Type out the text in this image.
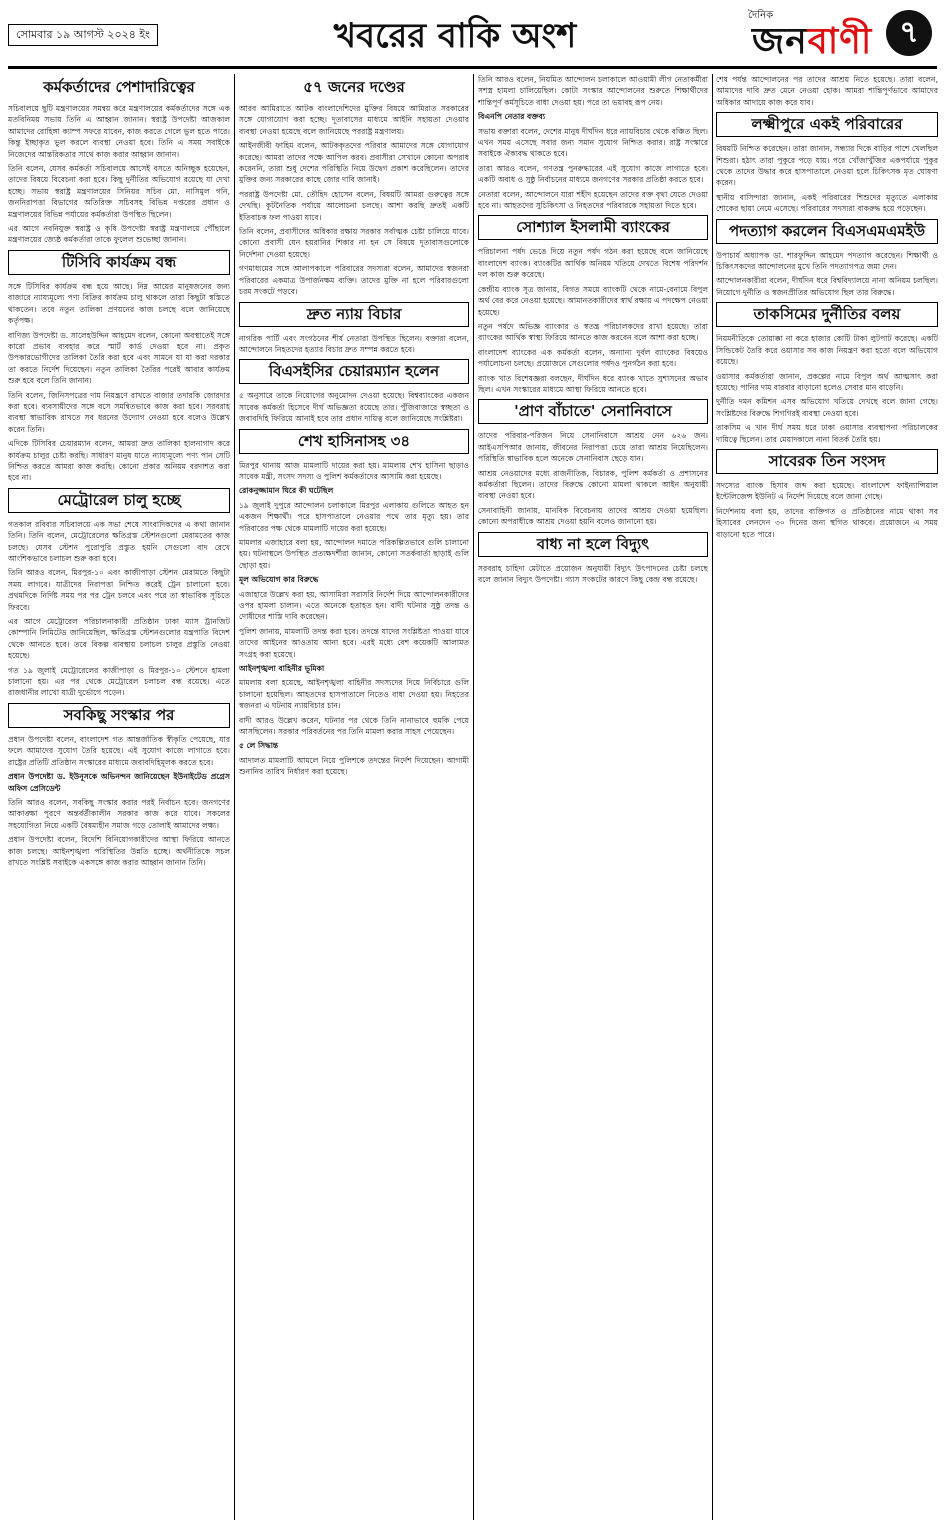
সোমবার ১৯ আগস্ট ২০২৪ ইং	খবরের বাকি অংশ
দৈনিক
জনবাণী ৭
কর্মকর্তাদের পেশাদারিত্বের

সচিবালয়ে ছুটি মন্ত্রণালয়ের সমন্বয় করে মন্ত্রণালয়ের কর্মকর্তাদের সঙ্গে এক মতবিনিময় সভায় তিনি এ আহ্বান জানান। স্বরাষ্ট্র উপদেষ্টা আজকাল আমাদের রোহিঙ্গা ক্যাম্প সফরে যাবেন, কাজ করতে গেলে ভুল হতে পারে। কিন্তু ইচ্ছাকৃত ভুল করলে ব্যবস্থা নেওয়া হবে। তিনি এ সময় সবাইকে নিজেদের আন্তরিকতার সাথে কাজ করার আহ্বান জানান।

তিনি বলেন, যেসব কর্মকর্তা সচিবালয়ে আসেই বসতে অনিচ্ছুক হয়েছেন, তাদের বিষয়ে বিবেচনা করা হবে। কিছু দুর্নীতির অভিযোগ রয়েছে যা দেখা হচ্ছে। সভায় স্বরাষ্ট্র মন্ত্রণালয়ের সিনিয়র সচিব মো. নাসিমুল গনি, জননিরাপত্তা বিভাগের অতিরিক্ত সচিবসহ বিভিন্ন দপ্তরের প্রধান ও মন্ত্রণালয়ের বিভিন্ন পর্যায়ের কর্মকর্তারা উপস্থিত ছিলেন।

এর আগে নবনিযুক্ত স্বরাষ্ট্র ও কৃষি উপদেষ্টা স্বরাষ্ট্র মন্ত্রণালয়ে পৌঁছালে মন্ত্রণালয়ের জ্যেষ্ঠ কর্মকর্তারা তাকে ফুলেল শুভেচ্ছা জানান।

টিসিবি কার্যক্রম বন্ধ

সঙ্গে টিসিবির কার্যক্রম বন্ধ হয়ে আছে। নিম্ন আয়ের মানুষজনের জন্য বাজারে ন্যায্যমূল্যে পণ্য বিক্রির কার্যক্রম চালু থাকলে তারা কিছুটা স্বস্তিতে থাকতেন। তবে নতুন তালিকা প্রণয়নের কাজ চলছে বলে জানিয়েছে কর্তৃপক্ষ।

বাণিজ্য উপদেষ্টা ড. সালেহউদ্দিন আহমেদ বলেন, কোনো অবস্থাতেই সঙ্গে কারো প্রভাব ব্যবহার করে স্মার্ট কার্ড দেওয়া হবে না। প্রকৃত উপকারভোগীদের তালিকা তৈরি করা হবে এবং সামনে যা যা করা দরকার তা করতে নির্দেশ দিয়েছেন। নতুন তালিকা তৈরির পরেই আবার কার্যক্রম শুরু হবে বলে তিনি জানান।

তিনি বলেন, জিনিসপত্রের দাম নিয়ন্ত্রণে রাখতে বাজার তদারকি জোরদার করা হবে। ব্যবসায়ীদের সঙ্গে বসে সমন্বিতভাবে কাজ করা হবে। সরবরাহ ব্যবস্থা স্বাভাবিক রাখতে সব ধরনের উদ্যোগ নেওয়া হবে বলেও উল্লেখ করেন তিনি।

এদিকে টিসিবির চেয়ারম্যান বলেন, আমরা দ্রুত তালিকা হালনাগাদ করে কার্যক্রম চালুর চেষ্টা করছি। সাধারণ মানুষ যাতে ন্যায্যমূল্যে পণ্য পান সেটি নিশ্চিত করতে আমরা কাজ করছি। কোনো প্রকার অনিয়ম বরদাশত করা হবে না।

মেট্রোরেল চালু হচ্ছে

গতকাল রবিবার সচিবালয়ে এক সভা শেষে সাংবাদিকদের এ কথা জানান তিনি। তিনি বলেন, মেট্রোরেলের ক্ষতিগ্রস্ত স্টেশনগুলো মেরামতের কাজ চলছে। যেসব স্টেশন পুরোপুরি প্রস্তুত হয়নি সেগুলো বাদ রেখে আংশিকভাবে চলাচল শুরু করা হবে।

তিনি আরও বলেন, মিরপুর-১০ এবং কাজীপাড়া স্টেশন মেরামতে কিছুটা সময় লাগবে। যাত্রীদের নিরাপত্তা নিশ্চিত করেই ট্রেন চালানো হবে। প্রথমদিকে নির্দিষ্ট সময় পর পর ট্রেন চলবে এবং পরে তা স্বাভাবিক সূচিতে ফিরবে।

এর আগে মেট্রোরেল পরিচালনাকারী প্রতিষ্ঠান ঢাকা ম্যাস ট্রানজিট কোম্পানি লিমিটেড জানিয়েছিল, ক্ষতিগ্রস্ত স্টেশনগুলোর যন্ত্রপাতি বিদেশ থেকে আনতে হবে। তবে বিকল্প ব্যবস্থায় চলাচল চালুর প্রস্তুতি নেওয়া হয়েছে।

গত ১৯ জুলাই মেট্রোরেলের কাজীপাড়া ও মিরপুর-১০ স্টেশনে হামলা চালানো হয়। এর পর থেকে মেট্রোরেল চলাচল বন্ধ রয়েছে। এতে রাজধানীর লাখো যাত্রী দুর্ভোগে পড়েন।

সবকিছু সংস্কার পর

প্রধান উপদেষ্টা বলেন, বাংলাদেশ গত আন্তর্জাতিক স্বীকৃতি পেয়েছে, যার ফলে আমাদের সুযোগ তৈরি হয়েছে। এই সুযোগ কাজে লাগাতে হবে। রাষ্ট্রের প্রতিটি প্রতিষ্ঠান সংস্কারের মাধ্যমে জবাবদিহিমূলক করতে হবে।

প্রধান উপদেষ্টা ড. ইউনূসকে অভিনন্দন জানিয়েছেন ইউনাইটেড প্রগ্রেস অফিস প্রেসিডেন্ট

তিনি আরও বলেন, সবকিছু সংস্কার করার পরই নির্বাচন হবে। জনগণের আকাঙ্ক্ষা পূরণে অন্তর্বর্তীকালীন সরকার কাজ করে যাবে। সকলের সহযোগিতা নিয়ে একটি বৈষম্যহীন সমাজ গড়ে তোলাই আমাদের লক্ষ্য।

প্রধান উপদেষ্টা বলেন, বিদেশি বিনিয়োগকারীদের আস্থা ফিরিয়ে আনতে কাজ চলছে। আইনশৃঙ্খলা পরিস্থিতির উন্নতি হচ্ছে। অর্থনীতিকে সচল রাখতে সংশ্লিষ্ট সবাইকে একসঙ্গে কাজ করার আহ্বান জানান তিনি।

৫৭ জনের দণ্ডের

আরব আমিরাতে আটক বাংলাদেশিদের মুক্তির বিষয়ে আমিরাত সরকারের সঙ্গে যোগাযোগ করা হচ্ছে। দূতাবাসের মাধ্যমে আইনি সহায়তা দেওয়ার ব্যবস্থা নেওয়া হয়েছে বলে জানিয়েছে পররাষ্ট্র মন্ত্রণালয়।

আইনজীবী ফাহিম বলেন, আটককৃতদের পরিবার আমাদের সঙ্গে যোগাযোগ করেছে। আমরা তাদের পক্ষে আপিল করব। প্রবাসীরা সেখানে কোনো অপরাধ করেননি, তারা শুধু দেশের পরিস্থিতি নিয়ে উদ্বেগ প্রকাশ করেছিলেন। তাদের মুক্তির জন্য সরকারের কাছে জোর দাবি জানাই।

পররাষ্ট্র উপদেষ্টা মো. তৌহিদ হোসেন বলেন, বিষয়টি আমরা গুরুত্বের সঙ্গে দেখছি। কূটনৈতিক পর্যায়ে আলোচনা চলছে। আশা করছি দ্রুতই একটি ইতিবাচক ফল পাওয়া যাবে।

তিনি বলেন, প্রবাসীদের অধিকার রক্ষায় সরকার সর্বাত্মক চেষ্টা চালিয়ে যাবে। কোনো প্রবাসী যেন হয়রানির শিকার না হন সে বিষয়ে দূতাবাসগুলোকে নির্দেশনা দেওয়া হয়েছে।

গণমাধ্যমের সঙ্গে আলাপকালে পরিবারের সদস্যরা বলেন, আমাদের স্বজনরা পরিবারের একমাত্র উপার্জনক্ষম ব্যক্তি। তাদের মুক্তি না হলে পরিবারগুলো চরম সংকটে পড়বে।

দ্রুত ন্যায় বিচার

নাগরিক পার্টি এবং সংগঠনের শীর্ষ নেতারা উপস্থিত ছিলেন। বক্তারা বলেন, আন্দোলনে নিহতদের হত্যার বিচার দ্রুত সম্পন্ন করতে হবে।

বিএসইসির চেয়ারম্যান হলেন

৫ অনুসারে তাকে নিয়োগের অনুমোদন দেওয়া হয়েছে। বিশ্বব্যাংকের একজন সাবেক কর্মকর্তা হিসেবে দীর্ঘ অভিজ্ঞতা রয়েছে তার। পুঁজিবাজারে স্বচ্ছতা ও জবাবদিহি ফিরিয়ে আনাই হবে তার প্রধান দায়িত্ব বলে জানিয়েছে সংশ্লিষ্টরা।

শেখ হাসিনাসহ ৩৪

মিরপুর থানায় আজ মামলাটি দায়ের করা হয়। মামলায় শেখ হাসিনা ছাড়াও সাবেক মন্ত্রী, সংসদ সদস্য ও পুলিশ কর্মকর্তাদের আসামি করা হয়েছে।

রোকনুজ্জামান ঘিরে কী ঘটেছিল

১৯ জুলাই দুপুরে আন্দোলন চলাকালে মিরপুর এলাকায় গুলিতে আহত হন একজন শিক্ষার্থী। পরে হাসপাতালে নেওয়ার পথে তার মৃত্যু হয়। তার পরিবারের পক্ষ থেকে মামলাটি দায়ের করা হয়েছে।

মামলার এজাহারে বলা হয়, আন্দোলন দমাতে পরিকল্পিতভাবে গুলি চালানো হয়। ঘটনাস্থলে উপস্থিত প্রত্যক্ষদর্শীরা জানান, কোনো সতর্কবার্তা ছাড়াই গুলি ছোড়া হয়।

মূল অভিযোগ কার বিরুদ্ধে

এজাহারে উল্লেখ করা হয়, আসামিরা সরাসরি নির্দেশ দিয়ে আন্দোলনকারীদের ওপর হামলা চালান। এতে অনেকে হতাহত হন। বাদী ঘটনার সুষ্ঠু তদন্ত ও দোষীদের শাস্তি দাবি করেছেন।

পুলিশ জানায়, মামলাটি তদন্ত করা হবে। তদন্তে যাদের সংশ্লিষ্টতা পাওয়া যাবে তাদের আইনের আওতায় আনা হবে। এরই মধ্যে বেশ কয়েকটি আলামত সংগ্রহ করা হয়েছে।

আইনশৃঙ্খলা বাহিনীর ভূমিকা

মামলায় বলা হয়েছে, আইনশৃঙ্খলা বাহিনীর সদস্যদের দিয়ে নির্বিচারে গুলি চালানো হয়েছিল। আহতদের হাসপাতালে নিতেও বাধা দেওয়া হয়। নিহতের স্বজনরা এ ঘটনায় ন্যায়বিচার চান।

বাদী আরও উল্লেখ করেন, ঘটনার পর থেকে তিনি নানাভাবে হুমকি পেয়ে আসছিলেন। সরকার পরিবর্তনের পর তিনি মামলা করার সাহস পেয়েছেন।

৫ লে সিদ্ধান্ত

আদালত মামলাটি আমলে নিয়ে পুলিশকে তদন্তের নির্দেশ দিয়েছেন। আগামী শুনানির তারিখ নির্ধারণ করা হয়েছে।

তিনি আরও বলেন, নিয়মিত আন্দোলন চলাকালে আওয়ামী লীগ নেতাকর্মীরা সশস্ত্র হামলা চালিয়েছিল। কোটা সংস্কার আন্দোলনের শুরুতে শিক্ষার্থীদের শান্তিপূর্ণ কর্মসূচিতে বাধা দেওয়া হয়। পরে তা ভয়াবহ রূপ নেয়।

বিএনপি নেতার বক্তব্য

সভায় বক্তারা বলেন, দেশের মানুষ দীর্ঘদিন ধরে ন্যায়বিচার থেকে বঞ্চিত ছিল। এখন সময় এসেছে সবার জন্য সমান সুযোগ নিশ্চিত করার। রাষ্ট্র সংস্কারে সবাইকে ঐক্যবদ্ধ থাকতে হবে।

তারা আরও বলেন, গণতন্ত্র পুনরুদ্ধারের এই সুযোগ কাজে লাগাতে হবে। একটি অবাধ ও সুষ্ঠু নির্বাচনের মাধ্যমে জনগণের সরকার প্রতিষ্ঠা করতে হবে।

নেতারা বলেন, আন্দোলনে যারা শহীদ হয়েছেন তাদের রক্ত বৃথা যেতে দেওয়া হবে না। আহতদের সুচিকিৎসা ও নিহতদের পরিবারকে সহায়তা দিতে হবে।

সোশ্যাল ইসলামী ব্যাংকের

পরিচালনা পর্ষদ ভেঙে দিয়ে নতুন পর্ষদ গঠন করা হয়েছে বলে জানিয়েছে বাংলাদেশ ব্যাংক। ব্যাংকটির আর্থিক অনিয়ম খতিয়ে দেখতে বিশেষ পরিদর্শন দল কাজ শুরু করেছে।

কেন্দ্রীয় ব্যাংক সূত্র জানায়, বিগত সময়ে ব্যাংকটি থেকে নামে-বেনামে বিপুল অর্থ বের করে নেওয়া হয়েছে। আমানতকারীদের স্বার্থ রক্ষায় এ পদক্ষেপ নেওয়া হয়েছে।

নতুন পর্ষদে অভিজ্ঞ ব্যাংকার ও স্বতন্ত্র পরিচালকদের রাখা হয়েছে। তারা ব্যাংকের আর্থিক স্বাস্থ্য ফিরিয়ে আনতে কাজ করবেন বলে আশা করা হচ্ছে।

বাংলাদেশ ব্যাংকের এক কর্মকর্তা বলেন, অন্যান্য দুর্বল ব্যাংকের বিষয়েও পর্যালোচনা চলছে। প্রয়োজনে সেগুলোর পর্ষদও পুনর্গঠন করা হবে।

ব্যাংক খাত বিশেষজ্ঞরা বলছেন, দীর্ঘদিন ধরে ব্যাংক খাতে সুশাসনের অভাব ছিল। এখন সংস্কারের মাধ্যমে আস্থা ফিরিয়ে আনতে হবে।

'প্রাণ বাঁচাতে' সেনানিবাসে

তাদের পরিবার-পরিজন নিয়ে সেনানিবাসে আশ্রয় নেন ৬২৬ জন। আইএসপিআর জানায়, জীবনের নিরাপত্তা চেয়ে তারা আশ্রয় নিয়েছিলেন। পরিস্থিতি স্বাভাবিক হলে অনেকে সেনানিবাস ছেড়ে যান।

আশ্রয় নেওয়াদের মধ্যে রাজনীতিক, বিচারক, পুলিশ কর্মকর্তা ও প্রশাসনের কর্মকর্তারা ছিলেন। তাদের বিরুদ্ধে কোনো মামলা থাকলে আইন অনুযায়ী ব্যবস্থা নেওয়া হবে।

সেনাবাহিনী জানায়, মানবিক বিবেচনায় তাদের আশ্রয় দেওয়া হয়েছিল। কোনো অপরাধীকে আশ্রয় দেওয়া হয়নি বলেও জানানো হয়।

বাধ্য না হলে বিদ্যুৎ

সরবরাহ চাহিদা মেটাতে প্রয়োজন অনুযায়ী বিদ্যুৎ উৎপাদনের চেষ্টা চলছে বলে জানান বিদ্যুৎ উপদেষ্টা। গ্যাস সংকটের কারণে কিছু কেন্দ্র বন্ধ রয়েছে।

শেষ পর্যন্ত আন্দোলনের পর তাদের আশ্রয় নিতে হয়েছে। তারা বলেন, আমাদের দাবি দ্রুত মেনে নেওয়া হোক। আমরা শান্তিপূর্ণভাবে আমাদের অধিকার আদায়ে কাজ করে যাব।

লক্ষ্মীপুরে একই পরিবারের

বিষয়টি নিশ্চিত করেছেন। তারা জানান, সন্ধ্যার দিকে বাড়ির পাশে খেলছিল শিশুরা। হঠাৎ তারা পুকুরে পড়ে যায়। পরে খোঁজাখুঁজির একপর্যায়ে পুকুর থেকে তাদের উদ্ধার করে হাসপাতালে নেওয়া হলে চিকিৎসক মৃত ঘোষণা করেন।

স্থানীয় বাসিন্দারা জানান, একই পরিবারের শিশুদের মৃত্যুতে এলাকায় শোকের ছায়া নেমে এসেছে। পরিবারের সদস্যরা বাকরুদ্ধ হয়ে পড়েছেন।

পদত্যাগ করলেন বিএসএমএমইউ

উপাচার্য অধ্যাপক ডা. শারফুদ্দিন আহমেদ পদত্যাগ করেছেন। শিক্ষার্থী ও চিকিৎসকদের আন্দোলনের মুখে তিনি পদত্যাগপত্র জমা দেন।

আন্দোলনকারীরা বলেন, দীর্ঘদিন ধরে বিশ্ববিদ্যালয়ে নানা অনিয়ম চলছিল। নিয়োগে দুর্নীতি ও স্বজনপ্রীতির অভিযোগ ছিল তার বিরুদ্ধে।

তাকসিমের দুর্নীতির বলয়

নিয়মনীতিকে তোয়াক্কা না করে হাজার কোটি টাকা লুটপাট করেছে। একটি সিন্ডিকেট তৈরি করে ওয়াসার সব কাজ নিয়ন্ত্রণ করা হতো বলে অভিযোগ রয়েছে।

ওয়াসার কর্মকর্তারা জানান, প্রকল্পের নামে বিপুল অর্থ আত্মসাৎ করা হয়েছে। পানির দাম বারবার বাড়ানো হলেও সেবার মান বাড়েনি।

দুর্নীতি দমন কমিশন এসব অভিযোগ খতিয়ে দেখছে বলে জানা গেছে। সংশ্লিষ্টদের বিরুদ্ধে শিগগিরই ব্যবস্থা নেওয়া হবে।

তাকসিম এ খান দীর্ঘ সময় ধরে ঢাকা ওয়াসার ব্যবস্থাপনা পরিচালকের দায়িত্বে ছিলেন। তার মেয়াদকালে নানা বিতর্ক তৈরি হয়।

সাবেরক তিন সংসদ

সদস্যের ব্যাংক হিসাব জব্দ করা হয়েছে। বাংলাদেশ ফাইন্যান্সিয়াল ইন্টেলিজেন্স ইউনিট এ নির্দেশ দিয়েছে বলে জানা গেছে।

নির্দেশনায় বলা হয়, তাদের ব্যক্তিগত ও প্রতিষ্ঠানের নামে থাকা সব হিসাবের লেনদেন ৩০ দিনের জন্য স্থগিত থাকবে। প্রয়োজনে এ সময় বাড়ানো হতে পারে।
